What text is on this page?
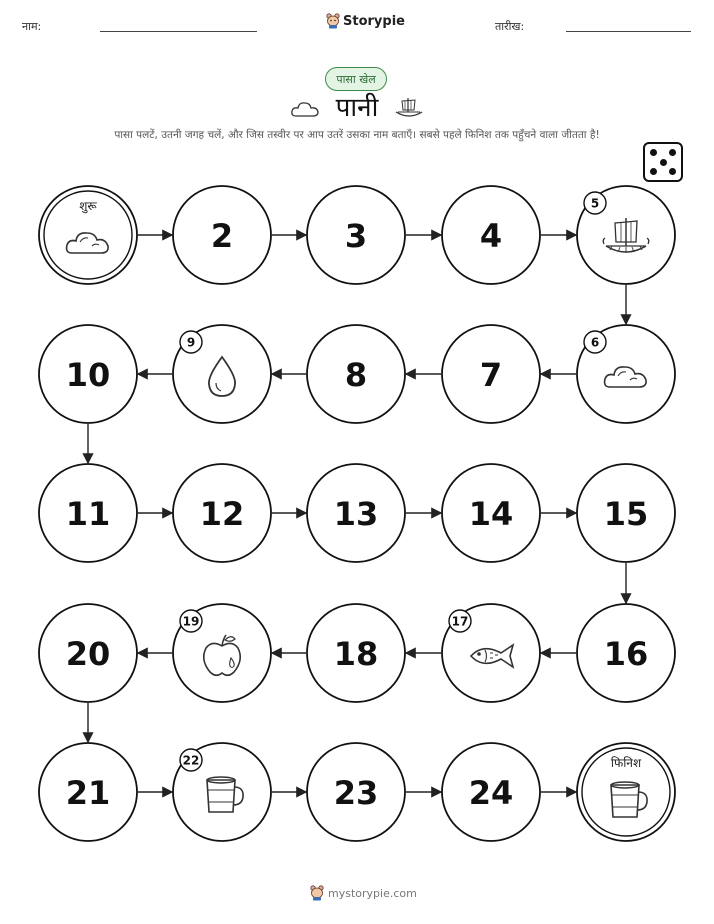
नाम:	Storypie	तारीख:
पासा खेल
पानी
पासा पलटें, उतनी जगह चलें, और जिस तस्वीर पर आप उतरें उसका नाम बताएँ। सबसे पहले फिनिश तक पहुँचने वाला जीतता है!
शुरू
2	3	4
5
6
7
8
9
10
11	12	13	14	15
16
17
18
19
20
21
22
23	24
फिनिश
mystorypie.com
